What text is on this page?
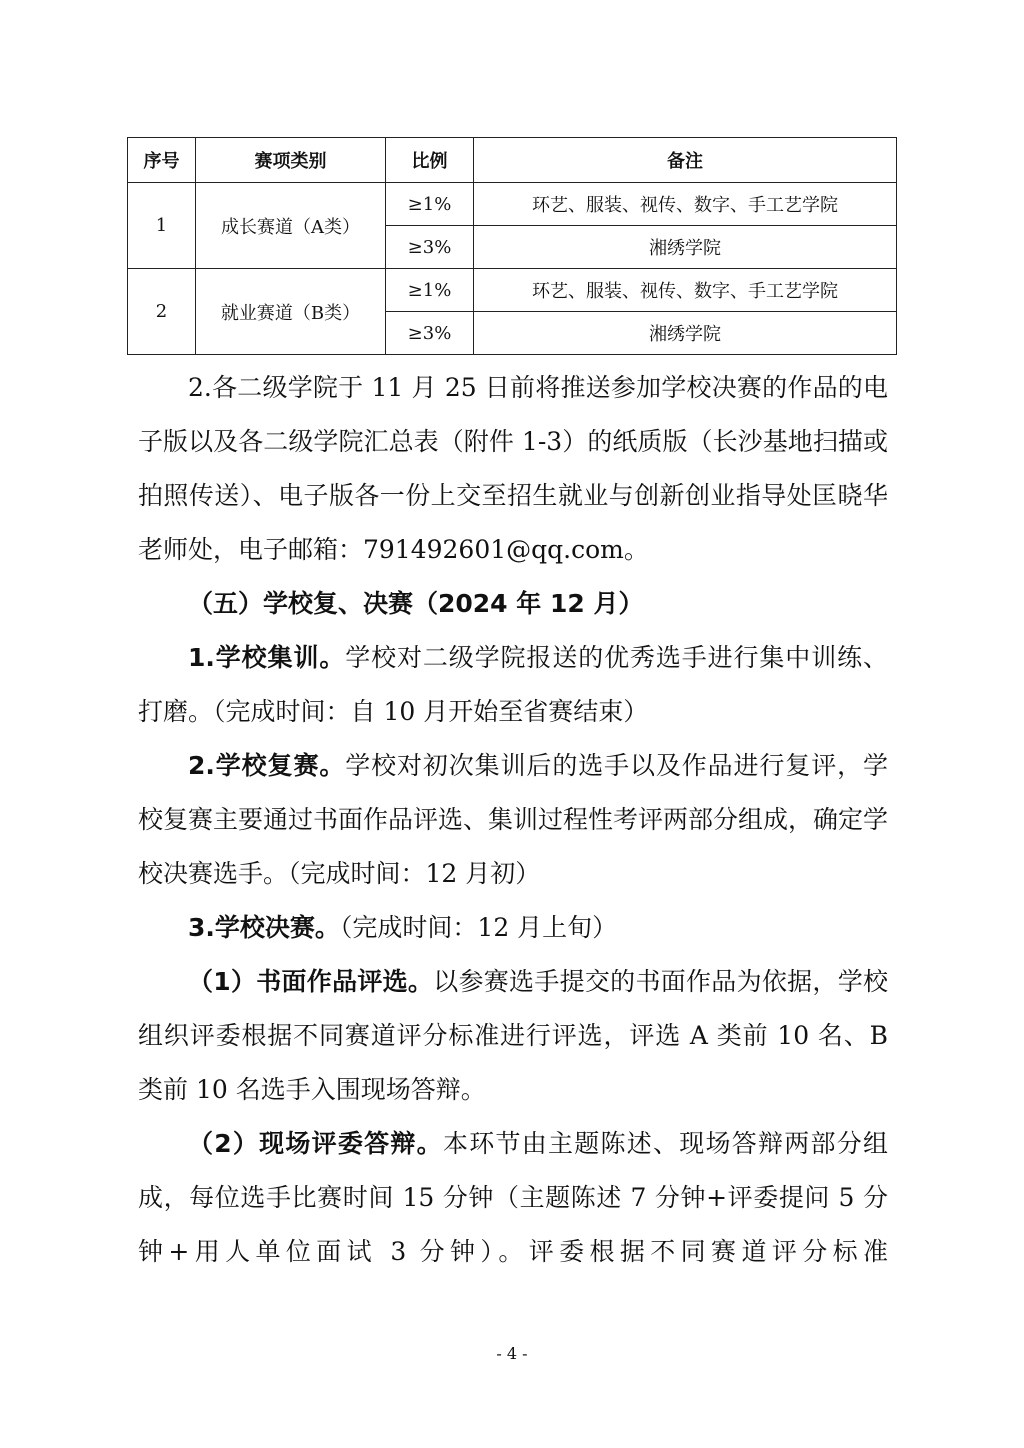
序号	赛项类别	比例	备注
1	成长赛道（A类）	≥1%	环艺、服装、视传、数字、手工艺学院
		≥3%	湘绣学院
2	就业赛道（B类）	≥1%	环艺、服装、视传、数字、手工艺学院
		≥3%	湘绣学院

2.各二级学院于 11 月 25 日前将推送参加学校决赛的作品的电子版以及各二级学院汇总表（附件 1-3）的纸质版（长沙基地扫描或拍照传送）、电子版各一份上交至招生就业与创新创业指导处匡晓华老师处，电子邮箱：791492601@qq.com。

（五）学校复、决赛（2024 年 12 月）

1.学校集训。学校对二级学院报送的优秀选手进行集中训练、打磨。（完成时间：自 10 月开始至省赛结束）

2.学校复赛。学校对初次集训后的选手以及作品进行复评，学校复赛主要通过书面作品评选、集训过程性考评两部分组成，确定学校决赛选手。（完成时间：12 月初）

3.学校决赛。（完成时间：12 月上旬）

（1）书面作品评选。以参赛选手提交的书面作品为依据，学校组织评委根据不同赛道评分标准进行评选，评选 A 类前 10 名、B 类前 10 名选手入围现场答辩。

（2）现场评委答辩。本环节由主题陈述、现场答辩两部分组成，每位选手比赛时间 15 分钟（主题陈述 7 分钟+评委提问 5 分钟+用人单位面试 3 分钟）。评委根据不同赛道评分标准

- 4 -
